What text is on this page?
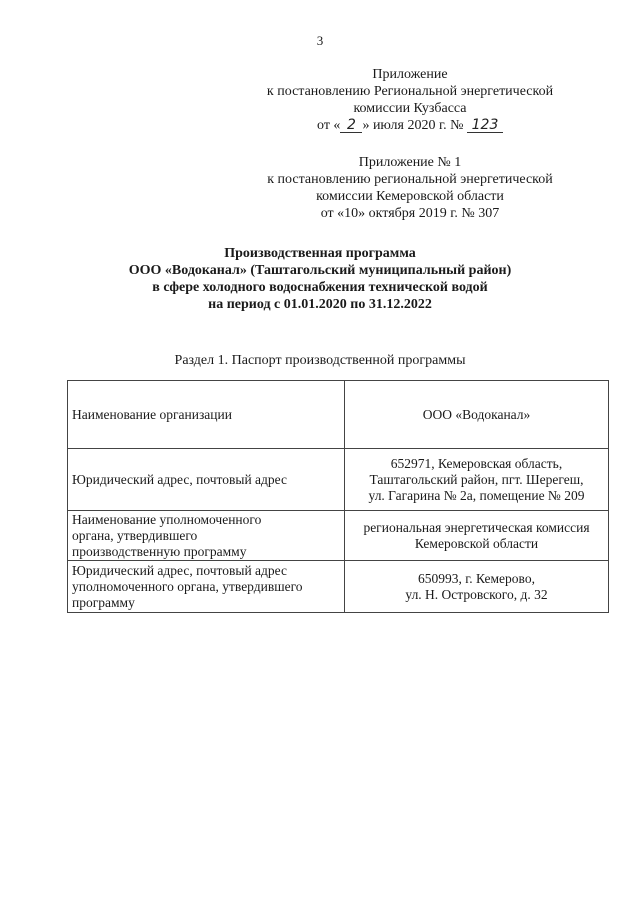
3
Приложение
к постановлению Региональной энергетической
комиссии Кузбасса
от « 2 » июля 2020 г. № 123
Приложение № 1
к постановлению региональной энергетической
комиссии Кемеровской области
от «10» октября 2019 г. № 307
Производственная программа
ООО «Водоканал» (Таштагольский муниципальный район)
в сфере холодного водоснабжения технической водой
на период с 01.01.2020 по 31.12.2022
Раздел 1. Паспорт производственной программы
Наименование организации	ООО «Водоканал»
Юридический адрес, почтовый адрес	652971, Кемеровская область,
Таштагольский район, пгт. Шерегеш,
ул. Гагарина № 2а, помещение № 209
Наименование уполномоченного
органа, утвердившего
производственную программу	региональная энергетическая комиссия
Кемеровской области
Юридический адрес, почтовый адрес
уполномоченного органа, утвердившего
программу	650993, г. Кемерово,
ул. Н. Островского, д. 32
